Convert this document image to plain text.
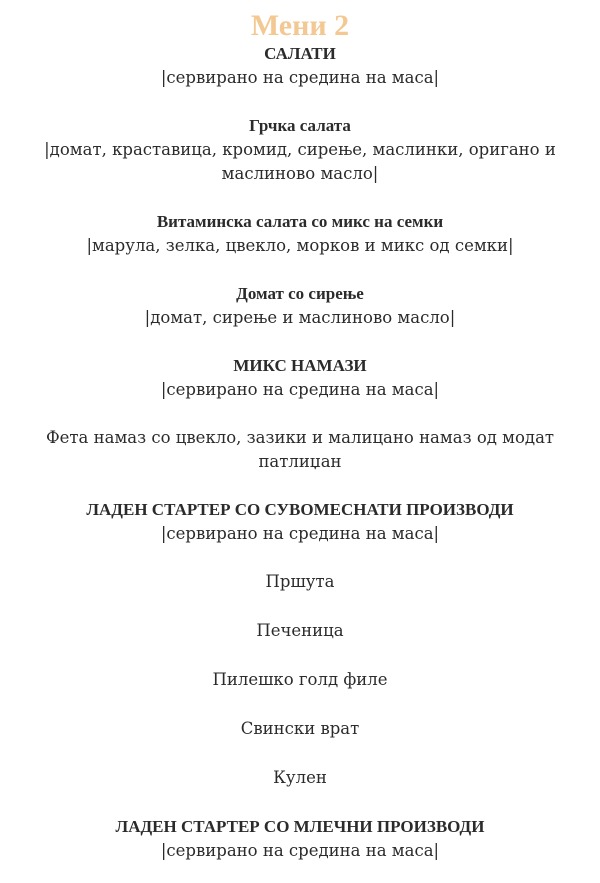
Мени 2

САЛАТИ

|сервирано на средина на маса|

Грчка салата

|домат, краставица, кромид, сирење, маслинки, оригано и маслиново масло|

Витаминска салата со микс на семки

|марула, зелка, цвекло, морков и микс од семки|

Домат со сирење

|домат, сирење и маслиново масло|

МИКС НАМАЗИ

|сервирано на средина на маса|

Фета намаз со цвекло, зазики и малицано намаз од модат патлиџан

ЛАДЕН СТАРТЕР СО СУВОМЕСНАТИ ПРОИЗВОДИ

|сервирано на средина на маса|

Пршута

Печеница

Пилешко голд филе

Свински врат

Кулен

ЛАДЕН СТАРТЕР СО МЛЕЧНИ ПРОИЗВОДИ

|сервирано на средина на маса|
